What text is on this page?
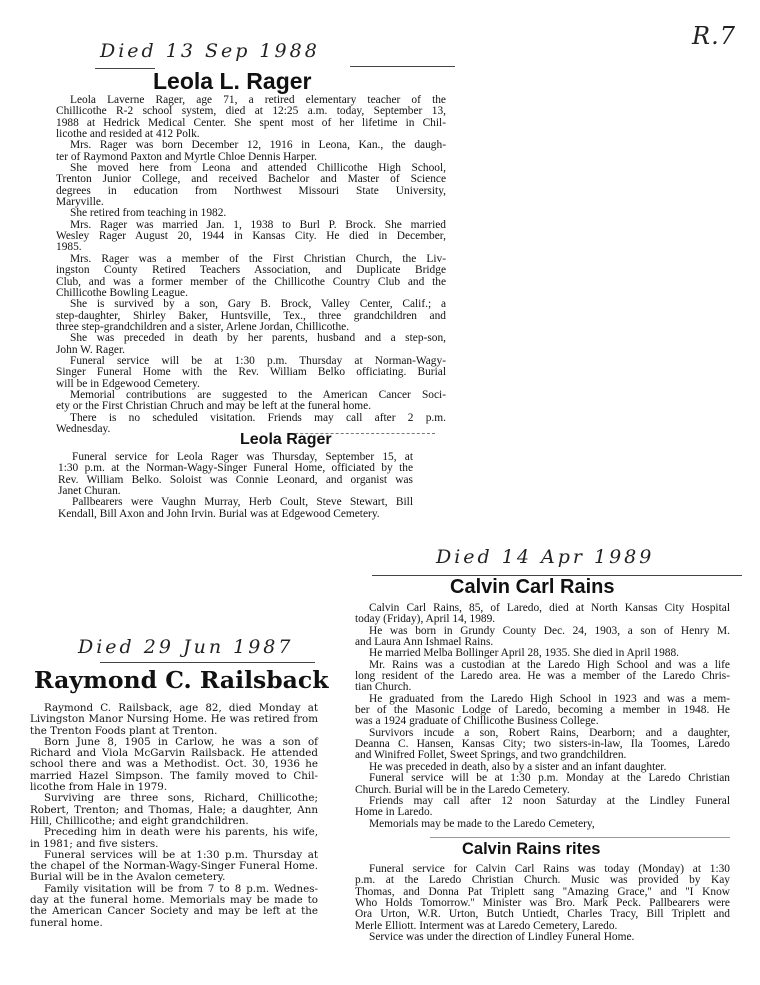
R.7
Died 13 Sep 1988
Leola L. Rager
Leola Laverne Rager, age 71, a retired elementary teacher of the
Chillicothe R-2 school system, died at 12:25 a.m. today, September 13,
1988 at Hedrick Medical Center. She spent most of her lifetime in Chil-
licothe and resided at 412 Polk.
Mrs. Rager was born December 12, 1916 in Leona, Kan., the daugh-
ter of Raymond Paxton and Myrtle Chloe Dennis Harper.
She moved here from Leona and attended Chillicothe High School,
Trenton Junior College, and received Bachelor and Master of Science
degrees in education from Northwest Missouri State University,
Maryville.
She retired from teaching in 1982.
Mrs. Rager was married Jan. 1, 1938 to Burl P. Brock. She married
Wesley Rager August 20, 1944 in Kansas City. He died in December,
1985.
Mrs. Rager was a member of the First Christian Church, the Liv-
ingston County Retired Teachers Association, and Duplicate Bridge
Club, and was a former member of the Chillicothe Country Club and the
Chillicothe Bowling League.
She is survived by a son, Gary B. Brock, Valley Center, Calif.; a
step-daughter, Shirley Baker, Huntsville, Tex., three grandchildren and
three step-grandchildren and a sister, Arlene Jordan, Chillicothe.
She was preceded in death by her parents, husband and a step-son,
John W. Rager.
Funeral service will be at 1:30 p.m. Thursday at Norman-Wagy-
Singer Funeral Home with the Rev. William Belko officiating. Burial
will be in Edgewood Cemetery.
Memorial contributions are suggested to the American Cancer Soci-
ety or the First Christian Chruch and may be left at the funeral home.
There is no scheduled visitation. Friends may call after 2 p.m.
Wednesday.
Leola Rager
Funeral service for Leola Rager was Thursday, September 15, at
1:30 p.m. at the Norman-Wagy-Singer Funeral Home, officiated by the
Rev. William Belko. Soloist was Connie Leonard, and organist was
Janet Churan.
Pallbearers were Vaughn Murray, Herb Coult, Steve Stewart, Bill
Kendall, Bill Axon and John Irvin. Burial was at Edgewood Cemetery.
Died 29 Jun 1987
Raymond C. Railsback
Raymond C. Railsback, age 82, died Monday at
Livingston Manor Nursing Home. He was retired from
the Trenton Foods plant at Trenton.
Born June 8, 1905 in Carlow, he was a son of
Richard and Viola McGarvin Railsback. He attended
school there and was a Methodist. Oct. 30, 1936 he
married Hazel Simpson. The family moved to Chil-
licothe from Hale in 1979.
Surviving are three sons, Richard, Chillicothe;
Robert, Trenton; and Thomas, Hale; a daughter, Ann
Hill, Chillicothe; and eight grandchildren.
Preceding him in death were his parents, his wife,
in 1981; and five sisters.
Funeral services will be at 1:30 p.m. Thursday at
the chapel of the Norman-Wagy-Singer Funeral Home.
Burial will be in the Avalon cemetery.
Family visitation will be from 7 to 8 p.m. Wednes-
day at the funeral home. Memorials may be made to
the American Cancer Society and may be left at the
funeral home.
Died 14 Apr 1989
Calvin Carl Rains
Calvin Carl Rains, 85, of Laredo, died at North Kansas City Hospital
today (Friday), April 14, 1989.
He was born in Grundy County Dec. 24, 1903, a son of Henry M.
and Laura Ann Ishmael Rains.
He married Melba Bollinger April 28, 1935. She died in April 1988.
Mr. Rains was a custodian at the Laredo High School and was a life
long resident of the Laredo area. He was a member of the Laredo Chris-
tian Church.
He graduated from the Laredo High School in 1923 and was a mem-
ber of the Masonic Lodge of Laredo, becoming a member in 1948. He
was a 1924 graduate of Chillicothe Business College.
Survivors incude a son, Robert Rains, Dearborn; and a daughter,
Deanna C. Hansen, Kansas City; two sisters-in-law, Ila Toomes, Laredo
and Winifred Follet, Sweet Springs, and two grandchildren.
He was preceded in death, also by a sister and an infant daughter.
Funeral service will be at 1:30 p.m. Monday at the Laredo Christian
Church. Burial will be in the Laredo Cemetery.
Friends may call after 12 noon Saturday at the Lindley Funeral
Home in Laredo.
Memorials may be made to the Laredo Cemetery,
Calvin Rains rites
Funeral service for Calvin Carl Rains was today (Monday) at 1:30
p.m. at the Laredo Christian Church. Music was provided by Kay
Thomas, and Donna Pat Triplett sang ''Amazing Grace,'' and ''I Know
Who Holds Tomorrow.'' Minister was Bro. Mark Peck. Pallbearers were
Ora Urton, W.R. Urton, Butch Untiedt, Charles Tracy, Bill Triplett and
Merle Elliott. Interment was at Laredo Cemetery, Laredo.
Service was under the direction of Lindley Funeral Home.
